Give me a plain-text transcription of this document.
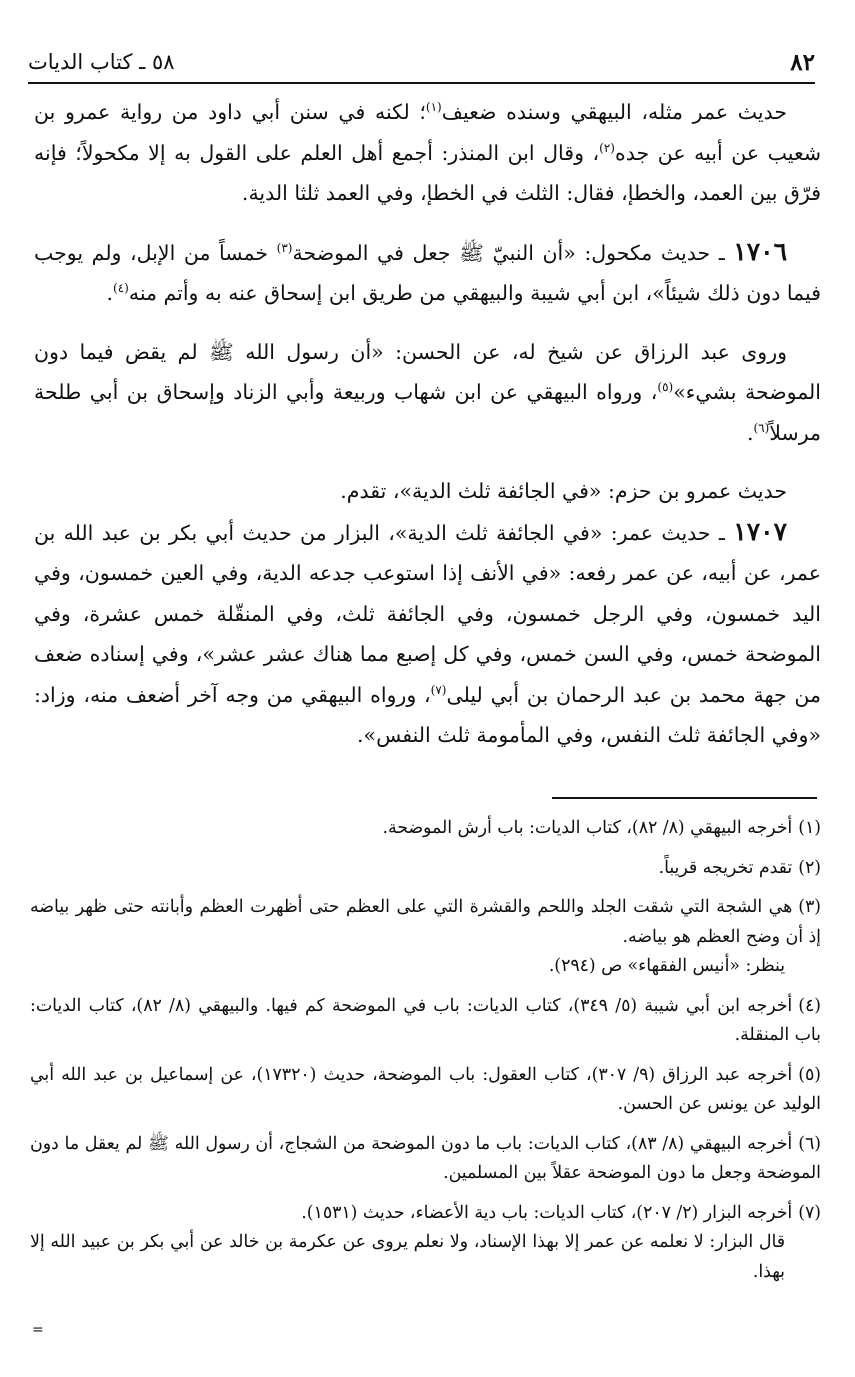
٨٢
٥٨ ـ كتاب الديات

حديث عمر مثله، البيهقي وسنده ضعيف$^{(١)}$؛ لكنه في سنن أبي داود من رواية عمرو بن شعيب عن أبيه عن جده$^{(٢)}$، وقال ابن المنذر: أجمع أهل العلم على القول به إلا مكحولاً؛ فإنه فرّق بين العمد، والخطإ، فقال: الثلث في الخطإ، وفي العمد ثلثا الدية.

١٧٠٦ ـ حديث مكحول: «أن النبيّ ﷺ جعل في الموضحة$^{(٣)}$ خمساً من الإبل، ولم يوجب فيما دون ذلك شيئاً»، ابن أبي شيبة والبيهقي من طريق ابن إسحاق عنه به وأتم منه$^{(٤)}$.

وروى عبد الرزاق عن شيخ له، عن الحسن: «أن رسول الله ﷺ لم يقض فيما دون الموضحة بشيء»$^{(٥)}$، ورواه البيهقي عن ابن شهاب وربيعة وأبي الزناد وإسحاق بن أبي طلحة مرسلاً$^{(٦)}$.

حديث عمرو بن حزم: «في الجائفة ثلث الدية»، تقدم.

١٧٠٧ ـ حديث عمر: «في الجائفة ثلث الدية»، البزار من حديث أبي بكر بن عبد الله بن عمر، عن أبيه، عن عمر رفعه: «في الأنف إذا استوعب جدعه الدية، وفي العين خمسون، وفي اليد خمسون، وفي الرجل خمسون، وفي الجائفة ثلث، وفي المنقّلة خمس عشرة، وفي الموضحة خمس، وفي السن خمس، وفي كل إصبع مما هناك عشر عشر»، وفي إسناده ضعف من جهة محمد بن عبد الرحمان بن أبي ليلى$^{(٧)}$، ورواه البيهقي من وجه آخر أضعف منه، وزاد: «وفي الجائفة ثلث النفس، وفي المأمومة ثلث النفس».

(١)أخرجه البيهقي (٨/ ٨٢)، كتاب الديات: باب أرش الموضحة.
(٢)تقدم تخريجه قريباً.
(٣)هي الشجة التي شقت الجلد واللحم والقشرة التي على العظم حتى أظهرت العظم وأبانته حتى ظهر بياضه إذ أن وضح العظم هو بياضه.
ينظر: «أنيس الفقهاء» ص (٢٩٤).
(٤)أخرجه ابن أبي شيبة (٥/ ٣٤٩)، كتاب الديات: باب في الموضحة كم فيها. والبيهقي (٨/ ٨٢)، كتاب الديات: باب المنقلة.
(٥)أخرجه عبد الرزاق (٩/ ٣٠٧)، كتاب العقول: باب الموضحة، حديث (١٧٣٢٠)، عن إسماعيل بن عبد الله أبي الوليد عن يونس عن الحسن.
(٦)أخرجه البيهقي (٨/ ٨٣)، كتاب الديات: باب ما دون الموضحة من الشجاج، أن رسول الله ﷺ لم يعقل ما دون الموضحة وجعل ما دون الموضحة عقلاً بين المسلمين.
(٧)أخرجه البزار (٢/ ٢٠٧)، كتاب الديات: باب دية الأعضاء، حديث (١٥٣١).
قال البزار: لا نعلمه عن عمر إلا بهذا الإسناد، ولا نعلم يروى عن عكرمة بن خالد عن أبي بكر بن عبيد الله إلا بهذا.
=
